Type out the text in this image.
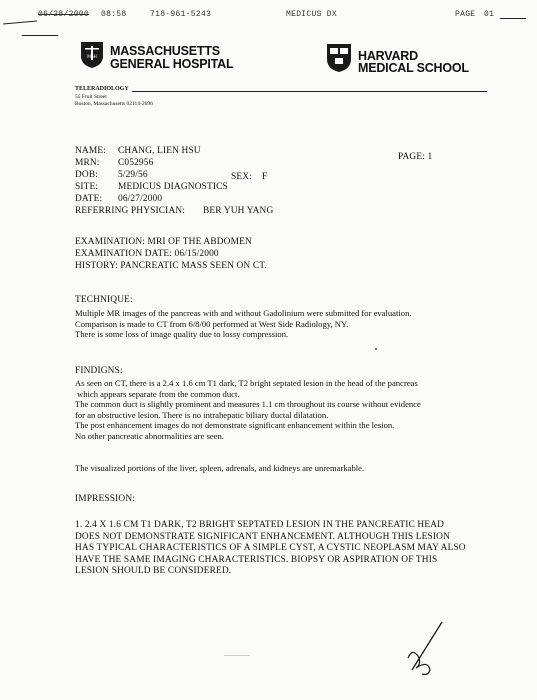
06/28/2000 08:58	718-961-5243	MEDICUS DX	PAGE 01
MGH MASSACHUSETTS
GENERAL HOSPITAL
HARVARD
MEDICAL SCHOOL
TELERADIOLOGY
55 Fruit Street
Boston, Massachusetts 02114-2696
NAME: CHANG, LIEN HSU
PAGE: 1
MRN: C052956
DOB: 5/29/56	SEX: F
SITE: MEDICUS DIAGNOSTICS
DATE: 06/27/2000
REFERRING PHYSICIAN: BER YUH YANG
EXAMINATION: MRI OF THE ABDOMEN
EXAMINATION DATE: 06/15/2000
HISTORY: PANCREATIC MASS SEEN ON CT.
TECHNIQUE:
Multiple MR images of the pancreas with and without Gadolinium were submitted for evaluation.
Comparison is made to CT from 6/8/00 performed at West Side Radiology, NY.
There is some loss of image quality due to lossy compression.
FINDIGNS:
As seen on CT, there is a 2.4 x 1.6 cm T1 dark, T2 bright septated lesion in the head of the pancreas
which appears separate from the common duct.
The common duct is slightly prominent and measures 1.1 cm throughout its course without evidence
for an obstructive lesion. There is no intrahepatic biliary ductal dilatation.
The post enhancement images do not demonstrate significant enhancement within the lesion.
No other pancreatic abnormalities are seen.
The visualized portions of the liver, spleen, adrenals, and kidneys are unremarkable.
IMPRESSION:
1. 2.4 X 1.6 CM T1 DARK, T2 BRIGHT SEPTATED LESION IN THE PANCREATIC HEAD
DOES NOT DEMONSTRATE SIGNIFICANT ENHANCEMENT. ALTHOUGH THIS LESION
HAS TYPICAL CHARACTERISTICS OF A SIMPLE CYST, A CYSTIC NEOPLASM MAY ALSO
HAVE THE SAME IMAGING CHARACTERISTICS. BIOPSY OR ASPIRATION OF THIS
LESION SHOULD BE CONSIDERED.
